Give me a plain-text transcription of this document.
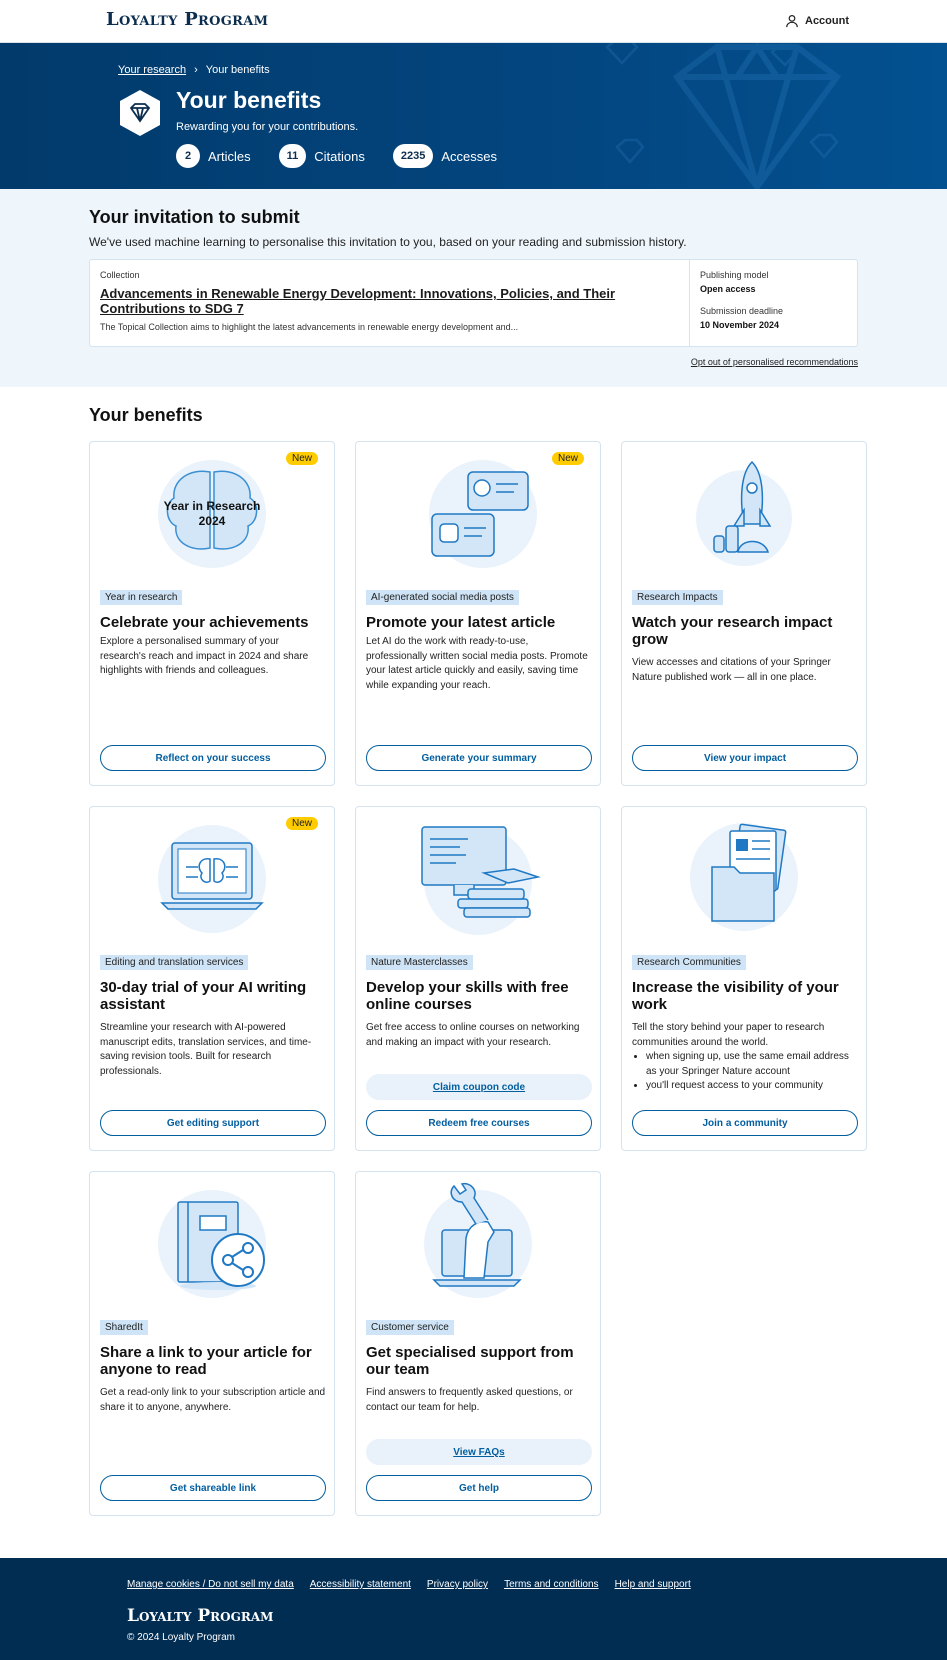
Loyalty Program	Account
Your research › Your benefits
Your benefits
Rewarding you for your contributions.
2	Articles	11	Citations	2235	Accesses
Your invitation to submit
We've used machine learning to personalise this invitation to you, based on your reading and submission history.
Collection
Advancements in Renewable Energy Development: Innovations, Policies, and Their Contributions to SDG 7
The Topical Collection aims to highlight the latest advancements in renewable energy development and...
Publishing model
Open access
Submission deadline
10 November 2024
Opt out of personalised recommendations
Your benefits
New
Year in Research
2024
Year in research
Celebrate your achievements
Explore a personalised summary of your research's reach and impact in 2024 and share highlights with friends and colleagues.
Reflect on your success
New
AI-generated social media posts
Promote your latest article
Let AI do the work with ready-to-use, professionally written social media posts. Promote your latest article quickly and easily, saving time while expanding your reach.
Generate your summary
Research Impacts
Watch your research impact grow
View accesses and citations of your Springer Nature published work — all in one place.
View your impact
New
Editing and translation services
30-day trial of your AI writing assistant
Streamline your research with AI-powered manuscript edits, translation services, and time-saving revision tools. Built for research professionals.
Get editing support
Nature Masterclasses
Develop your skills with free online courses
Get free access to online courses on networking and making an impact with your research.
Claim coupon code
Redeem free courses
Research Communities
Increase the visibility of your work
Tell the story behind your paper to research communities around the world.
• when signing up, use the same email address as your Springer Nature account
• you'll request access to your community
Join a community
SharedIt
Share a link to your article for anyone to read
Get a read-only link to your subscription article and share it to anyone, anywhere.
Get shareable link
Customer service
Get specialised support from our team
Find answers to frequently asked questions, or contact our team for help.
View FAQs
Get help
Manage cookies / Do not sell my data Accessibility statement Privacy policy Terms and conditions Help and support
Loyalty Program
© 2024 Loyalty Program
